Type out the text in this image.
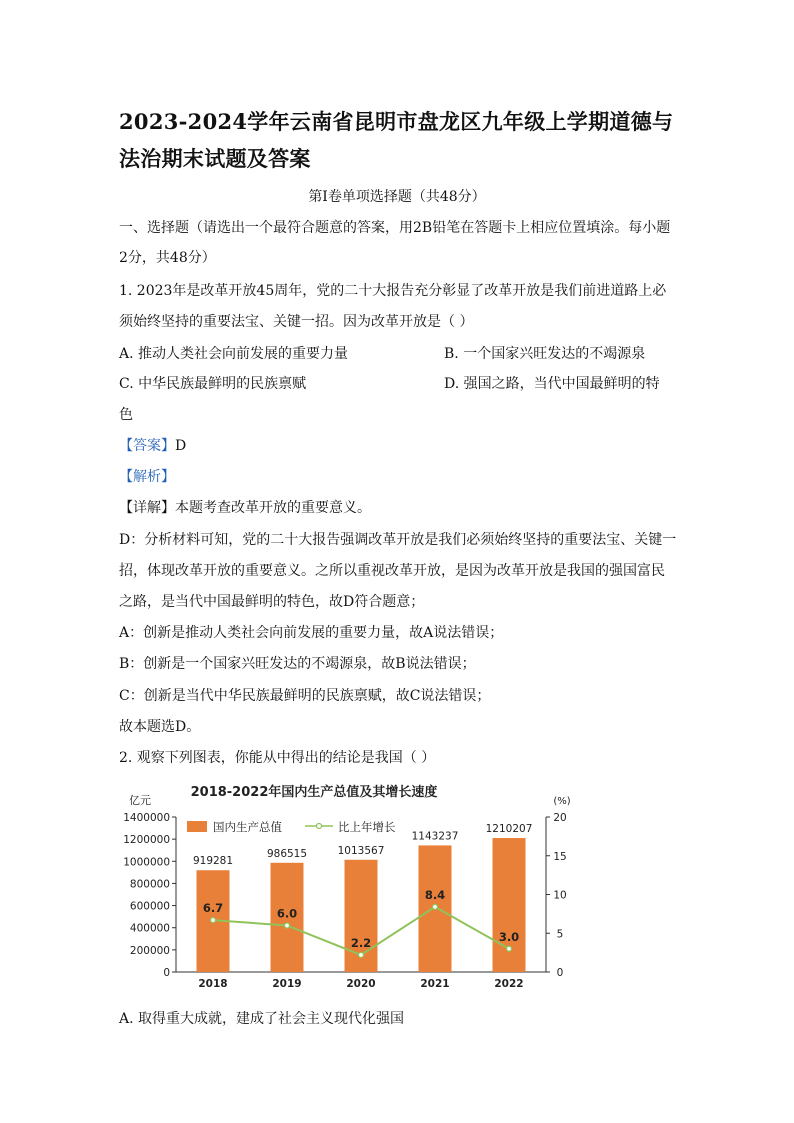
2023-2024学年云南省昆明市盘龙区九年级上学期道德与法治期末试题及答案
第Ⅰ卷单项选择题（共48分）
一、选择题（请选出一个最符合题意的答案，用2B铅笔在答题卡上相应位置填涂。每小题
2分，共48分）
1. 2023年是改革开放45周年，党的二十大报告充分彰显了改革开放是我们前进道路上必
须始终坚持的重要法宝、关键一招。因为改革开放是（ ）
A. 推动人类社会向前发展的重要力量	B. 一个国家兴旺发达的不竭源泉
C. 中华民族最鲜明的民族禀赋	D. 强国之路，当代中国最鲜明的特
色
【答案】D
【解析】
【详解】本题考查改革开放的重要意义。
D：分析材料可知，党的二十大报告强调改革开放是我们必须始终坚持的重要法宝、关键一
招，体现改革开放的重要意义。之所以重视改革开放，是因为改革开放是我国的强国富民
之路，是当代中国最鲜明的特色，故D符合题意；
A：创新是推动人类社会向前发展的重要力量，故A说法错误；
B：创新是一个国家兴旺发达的不竭源泉，故B说法错误；
C：创新是当代中华民族最鲜明的民族禀赋，故C说法错误；
故本题选D。
2. 观察下列图表，你能从中得出的结论是我国（ ）
2018-2022年国内生产总值及其增长速度
亿元	(%)
0
200000
400000
600000
800000
1000000
1200000
1400000
0
5
10
15
20
919281
986515	1013567
1143237
1210207
2018	2019	2020	2021	2022
6.7	6.0
2.2
8.4
3.0
国内生产总值	比上年增长
A. 取得重大成就，建成了社会主义现代化强国
